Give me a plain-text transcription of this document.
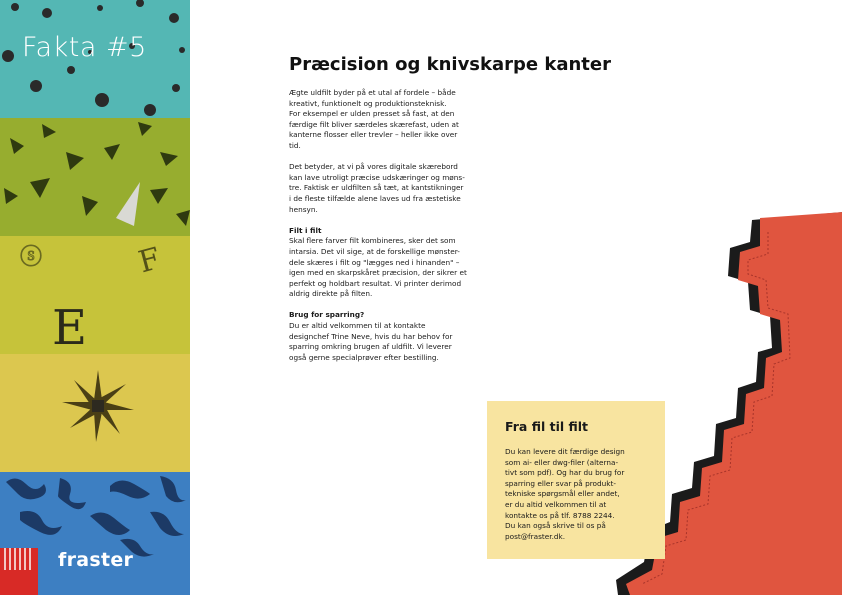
ⓢ	F
E
Fakta #5
fraster
Præcision og knivskarpe kanter
Ægte uldfilt byder på et utal af fordele – både
kreativt, funktionelt og produktionsteknisk.
For eksempel er ulden presset så fast, at den
færdige filt bliver særdeles skærefast, uden at
kanterne flosser eller trevler – heller ikke over
tid.
Det betyder, at vi på vores digitale skærebord
kan lave utroligt præcise udskæringer og møns-
tre. Faktisk er uldfilten så tæt, at kantstikninger
i de fleste tilfælde alene laves ud fra æstetiske
hensyn.
Filt i filt
Skal flere farver filt kombineres, sker det som
intarsia. Det vil sige, at de forskellige mønster-
dele skæres i filt og "lægges ned i hinanden" –
igen med en skarpskåret præcision, der sikrer et
perfekt og holdbart resultat. Vi printer derimod
aldrig direkte på filten.
Brug for sparring?
Du er altid velkommen til at kontakte
designchef Trine Neve, hvis du har behov for
sparring omkring brugen af uldfilt. Vi leverer
også gerne specialprøver efter bestilling.
Fra fil til filt
Du kan levere dit færdige design
som ai- eller dwg-filer (alterna-
tivt som pdf). Og har du brug for
sparring eller svar på produkt-
tekniske spørgsmål eller andet,
er du altid velkommen til at
kontakte os på tlf. 8788 2244.
Du kan også skrive til os på
post@fraster.dk.
